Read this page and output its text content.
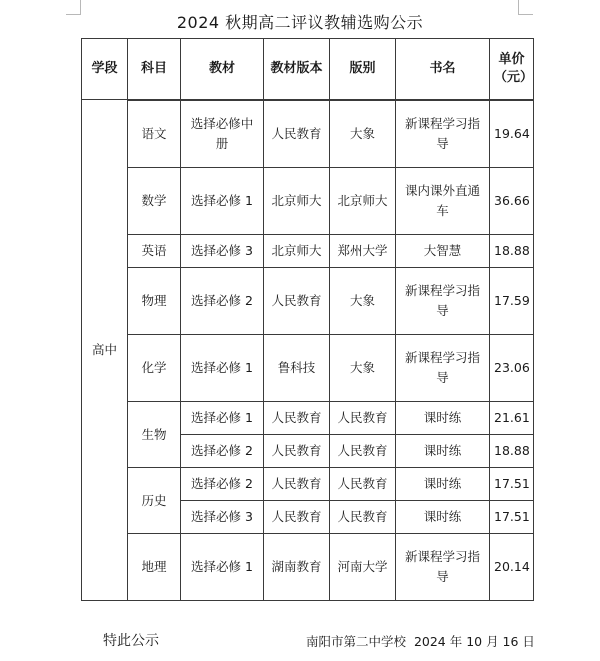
2024 秋期高二评议教辅选购公示
学段	科目	教材	教材版本	版别	书名	单价
（元）
高中						
	语文	选择必修中册	人民教育	大象	新课程学习指导	19.64
	数学	选择必修 1	北京师大	北京师大	课内课外直通车	36.66
	英语	选择必修 3	北京师大	郑州大学	大智慧	18.88
	物理	选择必修 2	人民教育	大象	新课程学习指导	17.59
	化学	选择必修 1	鲁科技	大象	新课程学习指导	23.06
	生物	选择必修 1	人民教育	人民教育	课时练	21.61
		选择必修 2	人民教育	人民教育	课时练	18.88
	历史	选择必修 2	人民教育	人民教育	课时练	17.51
		选择必修 3	人民教育	人民教育	课时练	17.51
	地理	选择必修 1	湖南教育	河南大学	新课程学习指导	20.14
特此公示	南阳市第二中学校  2024 年 10 月 16 日
